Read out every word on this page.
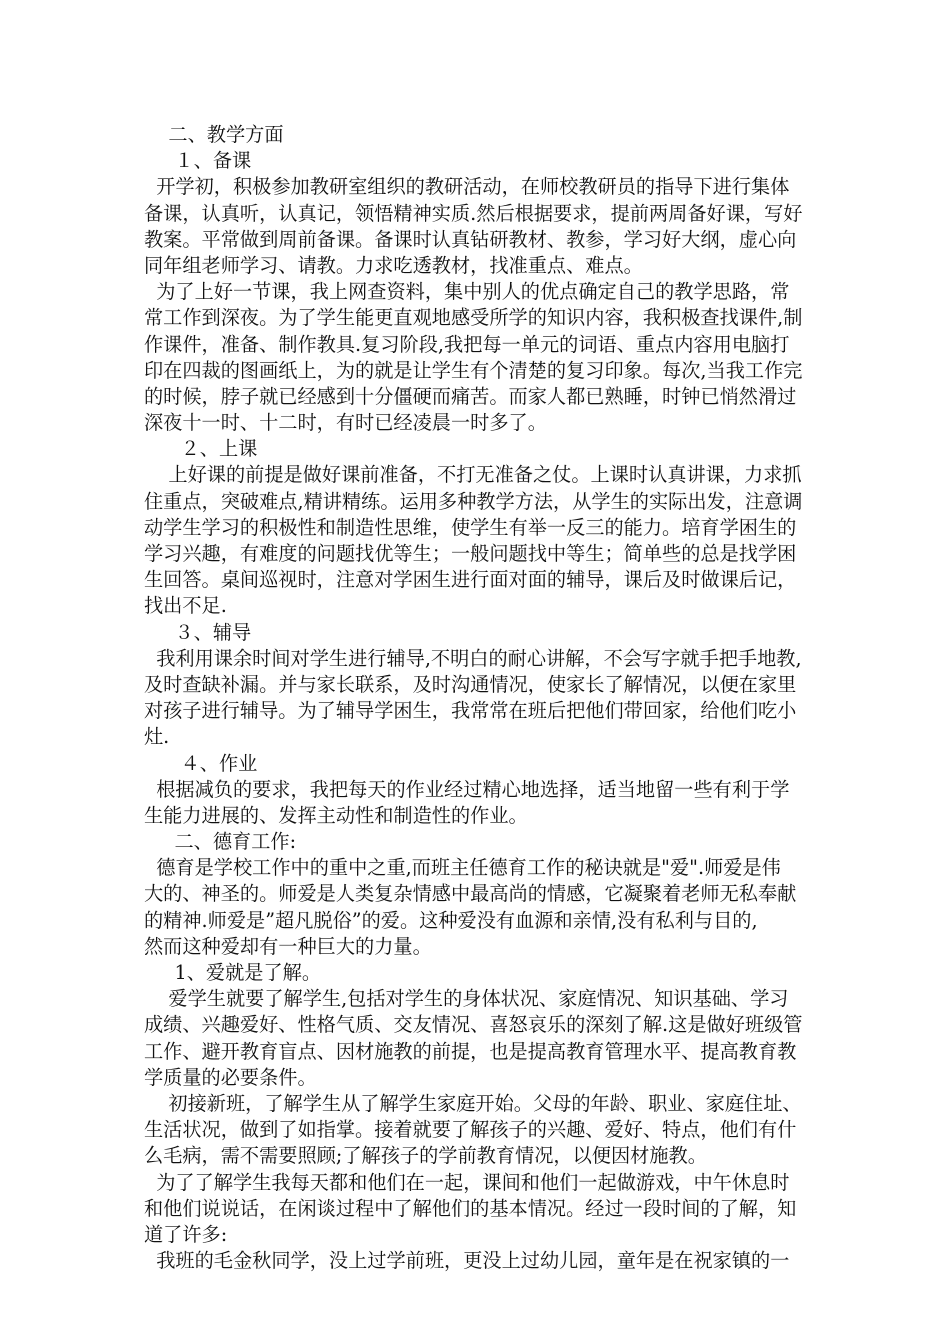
二、教学方面
１、备课
开学初，积极参加教研室组织的教研活动，在师校教研员的指导下进行集体
备课，认真听，认真记，领悟精神实质.然后根据要求，提前两周备好课，写好
教案。平常做到周前备课。备课时认真钻研教材、教参，学习好大纲，虚心向
同年组老师学习、请教。力求吃透教材，找准重点、难点。
为了上好一节课，我上网查资料，集中别人的优点确定自己的教学思路，常
常工作到深夜。为了学生能更直观地感受所学的知识内容，我积极查找课件,制
作课件，准备、制作教具.复习阶段,我把每一单元的词语、重点内容用电脑打
印在四裁的图画纸上，为的就是让学生有个清楚的复习印象。每次,当我工作完
的时候，脖子就已经感到十分僵硬而痛苦。而家人都已熟睡，时钟已悄然滑过
深夜十一时、十二时，有时已经凌晨一时多了。
２、上课
上好课的前提是做好课前准备，不打无准备之仗。上课时认真讲课，力求抓
住重点，突破难点,精讲精练。运用多种教学方法，从学生的实际出发，注意调
动学生学习的积极性和制造性思维，使学生有举一反三的能力。培育学困生的
学习兴趣，有难度的问题找优等生；一般问题找中等生；简单些的总是找学困
生回答。桌间巡视时，注意对学困生进行面对面的辅导，课后及时做课后记，
找出不足.
３、辅导
我利用课余时间对学生进行辅导,不明白的耐心讲解，不会写字就手把手地教,
及时查缺补漏。并与家长联系，及时沟通情况，使家长了解情况，以便在家里
对孩子进行辅导。为了辅导学困生，我常常在班后把他们带回家，给他们吃小
灶.
４、作业
根据减负的要求，我把每天的作业经过精心地选择，适当地留一些有利于学
生能力进展的、发挥主动性和制造性的作业。
二、德育工作:
德育是学校工作中的重中之重,而班主任德育工作的秘诀就是"爱".师爱是伟
大的、神圣的。师爱是人类复杂情感中最高尚的情感，它凝聚着老师无私奉献
的精神.师爱是”超凡脱俗”的爱。这种爱没有血源和亲情,没有私利与目的,
然而这种爱却有一种巨大的力量。
1、爱就是了解。
爱学生就要了解学生,包括对学生的身体状况、家庭情况、知识基础、学习
成绩、兴趣爱好、性格气质、交友情况、喜怒哀乐的深刻了解.这是做好班级管
工作、避开教育盲点、因材施教的前提，也是提高教育管理水平、提高教育教
学质量的必要条件。
初接新班，了解学生从了解学生家庭开始。父母的年龄、职业、家庭住址、
生活状况，做到了如指掌。接着就要了解孩子的兴趣、爱好、特点，他们有什
么毛病，需不需要照顾;了解孩子的学前教育情况，以便因材施教。
为了了解学生我每天都和他们在一起，课间和他们一起做游戏，中午休息时
和他们说说话，在闲谈过程中了解他们的基本情况。经过一段时间的了解，知
道了许多:
我班的毛金秋同学，没上过学前班，更没上过幼儿园，童年是在祝家镇的一
